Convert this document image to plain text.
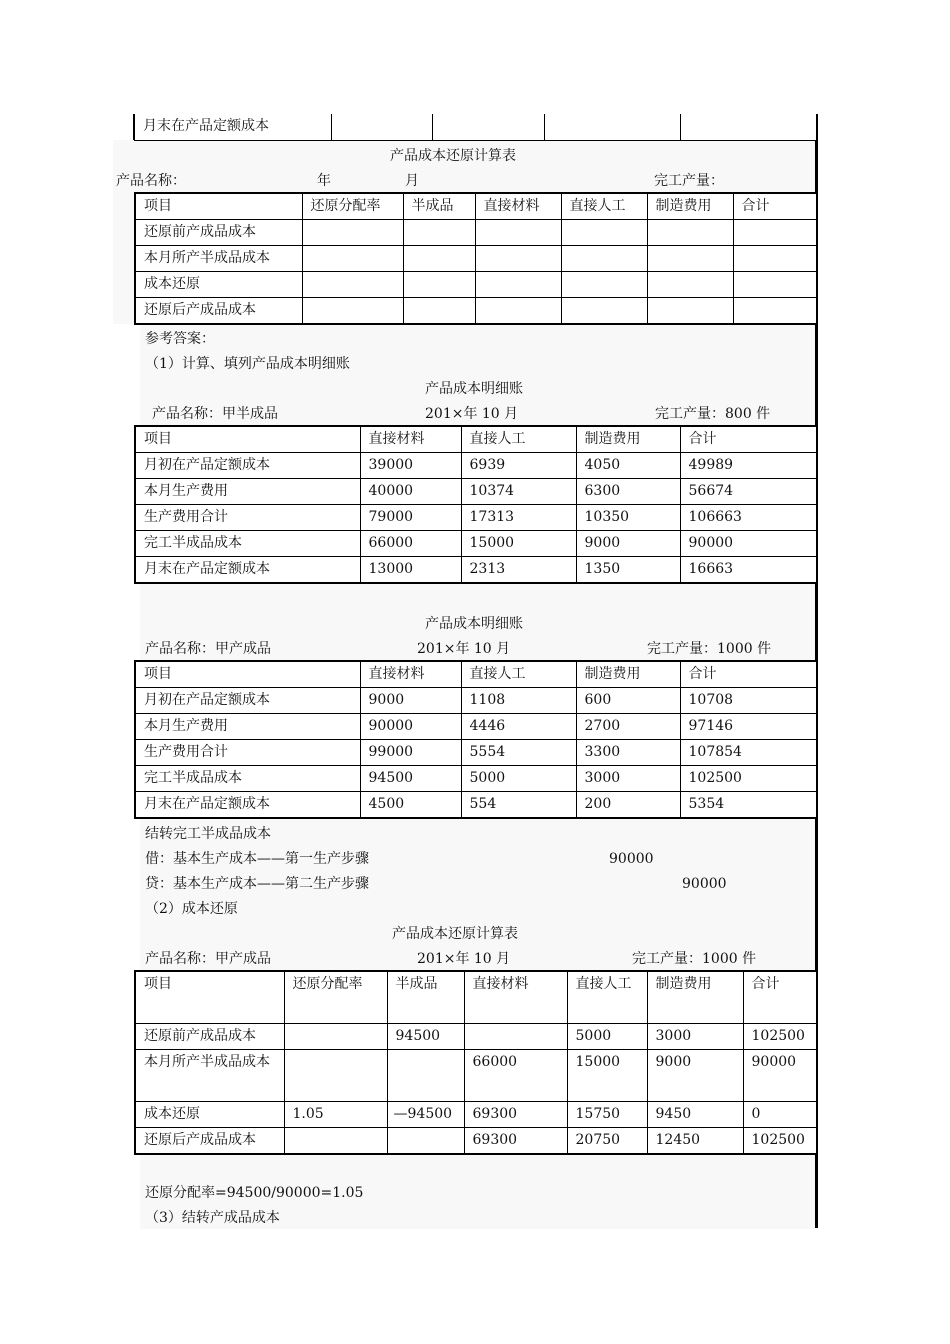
月末在产品定额成本				
产品成本还原计算表
产品名称：	年	月	完工产量：
项目	还原分配率	半成品	直接材料	直接人工	制造费用	合计
还原前产成品成本						
本月所产半成品成本						
成本还原						
还原后产成品成本						
参考答案：
（1）计算、填列产品成本明细账
产品成本明细账
产品名称：甲半成品	201×年 10 月	完工产量：800 件
项目	直接材料	直接人工	制造费用	合计
月初在产品定额成本	39000	6939	4050	49989
本月生产费用	40000	10374	6300	56674
生产费用合计	79000	17313	10350	106663
完工半成品成本	66000	15000	9000	90000
月末在产品定额成本	13000	2313	1350	16663
产品成本明细账
产品名称：甲产成品	201×年 10 月	完工产量：1000 件
项目	直接材料	直接人工	制造费用	合计
月初在产品定额成本	9000	1108	600	10708
本月生产费用	90000	4446	2700	97146
生产费用合计	99000	5554	3300	107854
完工半成品成本	94500	5000	3000	102500
月末在产品定额成本	4500	554	200	5354
结转完工半成品成本
借：基本生产成本——第一生产步骤	90000
贷：基本生产成本——第二生产步骤	90000
（2）成本还原
产品成本还原计算表
产品名称：甲产成品	201×年 10 月	完工产量：1000 件
项目	还原分配率	半成品	直接材料	直接人工	制造费用	合计
还原前产成品成本		94500		5000	3000	102500
本月所产半成品成本			66000	15000	9000	90000
成本还原	1.05	—94500	69300	15750	9450	0
还原后产成品成本			69300	20750	12450	102500
还原分配率=94500/90000=1.05
（3）结转产成品成本
